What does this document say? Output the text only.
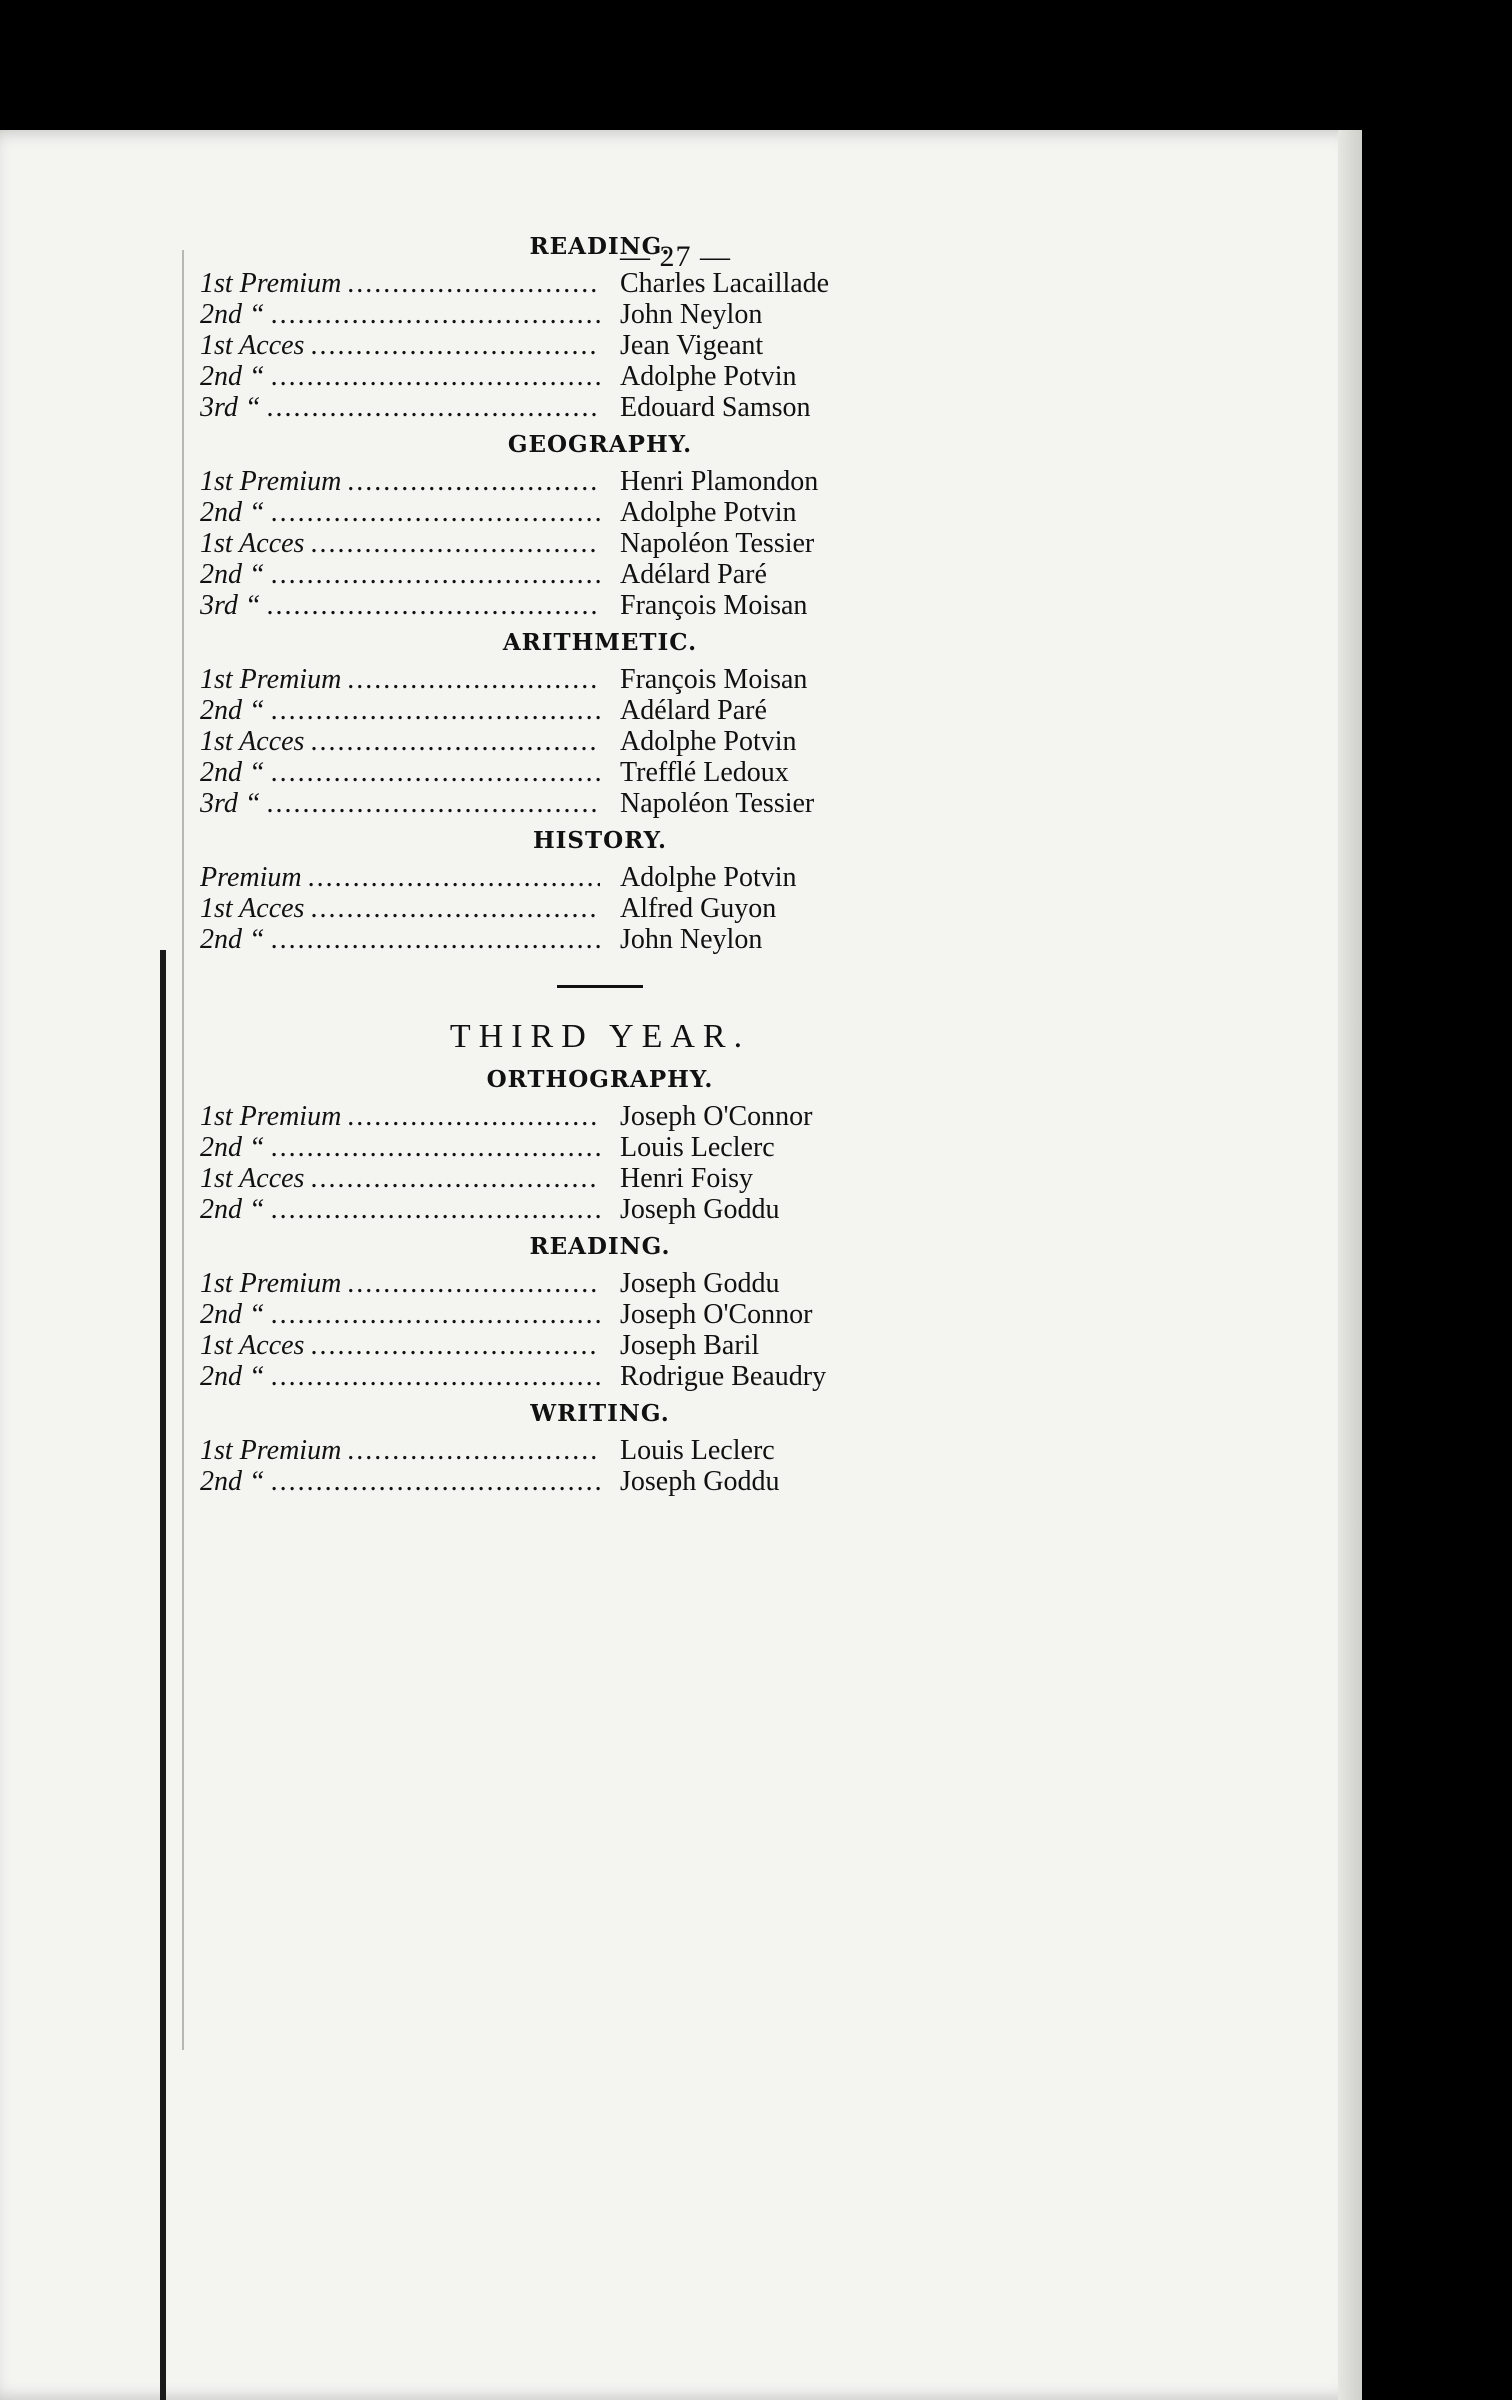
— 27 —
READING.
1st Premium .....	Charles Lacaillade
2nd “ .....	John Neylon
1st Acces .....	Jean Vigeant
2nd “ .....	Adolphe Potvin
3rd “ .....	Edouard Samson
GEOGRAPHY.
1st Premium .....	Henri Plamondon
2nd “ .....	Adolphe Potvin
1st Acces .....	Napoléon Tessier
2nd “ .....	Adélard Paré
3rd “ .....	François Moisan
ARITHMETIC.
1st Premium .....	François Moisan
2nd “ .....	Adélard Paré
1st Acces .....	Adolphe Potvin
2nd “ .....	Trefflé Ledoux
3rd “ .....	Napoléon Tessier
HISTORY.
Premium .....	Adolphe Potvin
1st Acces .....	Alfred Guyon
2nd “ .....	John Neylon
THIRD YEAR.
ORTHOGRAPHY.
1st Premium .....	Joseph O'Connor
2nd “ .....	Louis Leclerc
1st Acces .....	Henri Foisy
2nd “ .....	Joseph Goddu
READING.
1st Premium .....	Joseph Goddu
2nd “ .....	Joseph O'Connor
1st Acces .....	Joseph Baril
2nd “ .....	Rodrigue Beaudry
WRITING.
1st Premium .....	Louis Leclerc
2nd “ .....	Joseph Goddu
